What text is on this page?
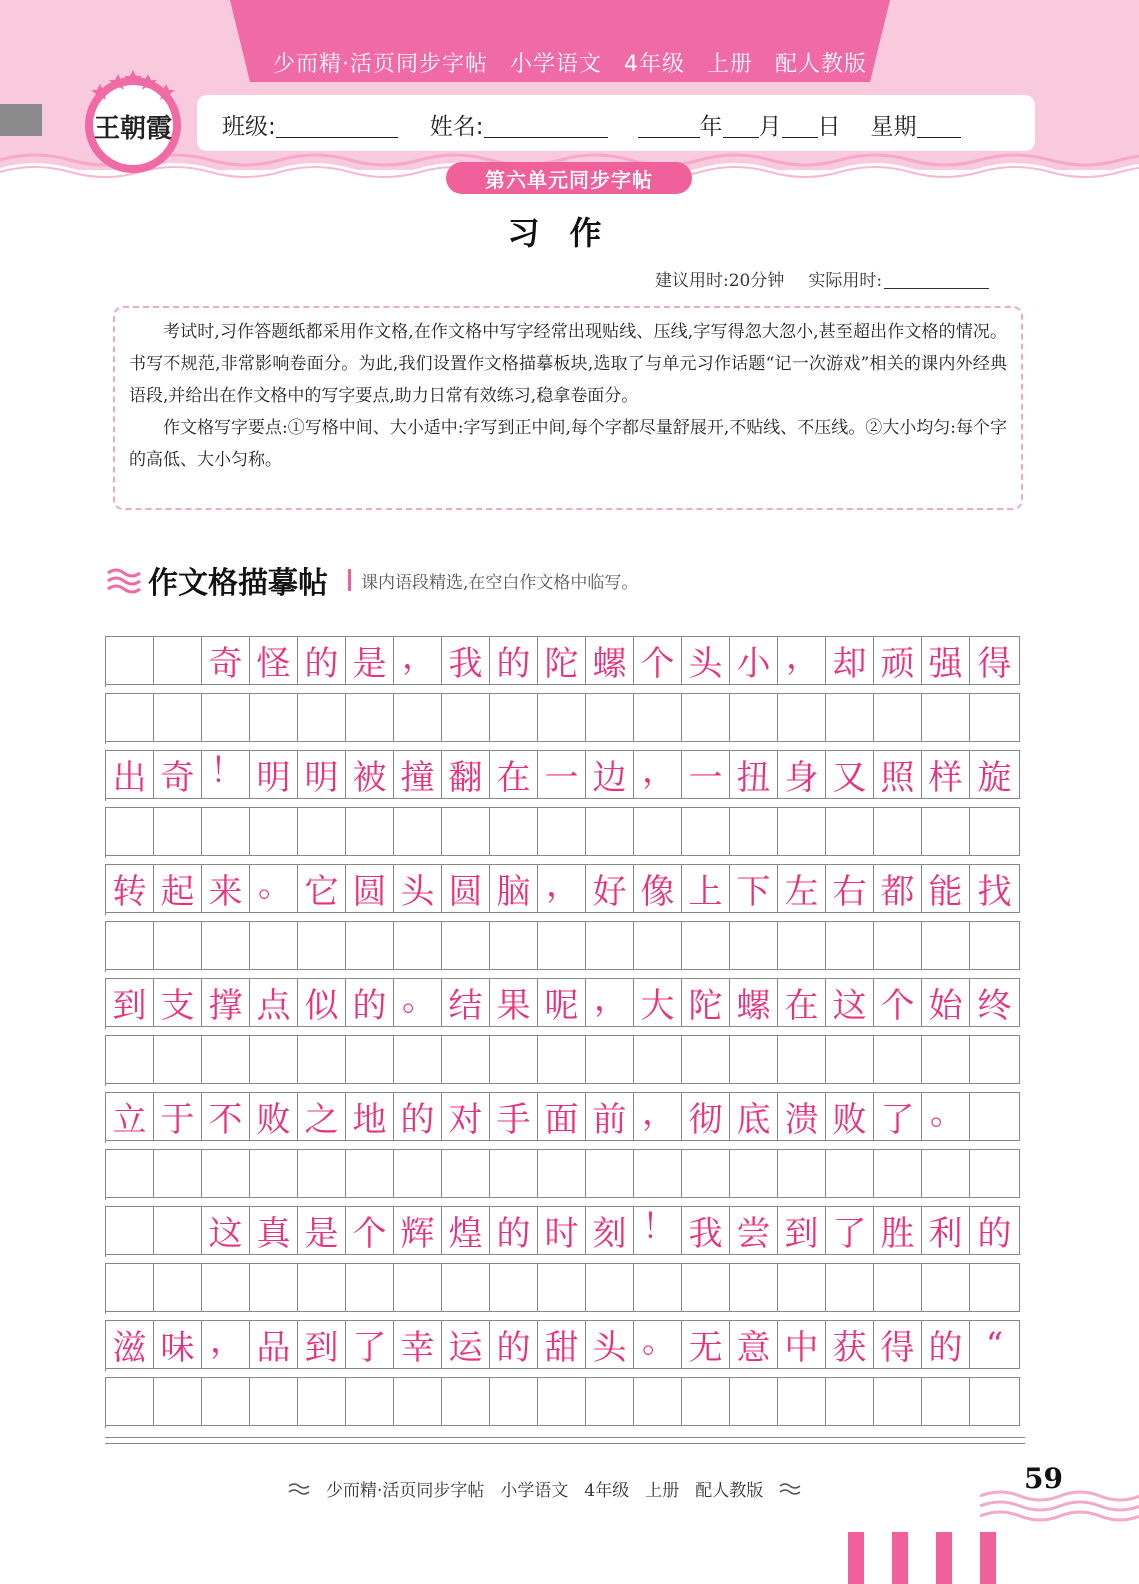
少而精·活页同步字帖 小学语文 4年级 上册 配人教版
王朝霞	班级:	姓名:	年 月 日 星期
第六单元同步字帖
习作
建议用时:20分钟 实际用时:

考试时,习作答题纸都采用作文格,在作文格中写字经常出现贴线、压线,字写得忽大忽小,甚至超出作文格的情况。书写不规范,非常影响卷面分。为此,我们设置作文格描摹板块,选取了与单元习作话题“记一次游戏”相关的课内外经典语段,并给出在作文格中的写字要点,助力日常有效练习,稳拿卷面分。

作文格写字要点:①写格中间、大小适中:字写到正中间,每个字都尽量舒展开,不贴线、不压线。②大小均匀:每个字的高低、大小匀称。

作文格描摹帖 课内语段精选,在空白作文格中临写。
奇 怪 的 是 ， 我 的 陀 螺 个 头 小 ， 却 顽 强 得
出 奇 ！ 明 明 被 撞 翻 在 一 边 ， 一 扭 身 又 照 样 旋
转 起 来 。 它 圆 头 圆 脑 ， 好 像 上 下 左 右 都 能 找
到 支 撑 点 似 的 。 结 果 呢 ， 大 陀 螺 在 这 个 始 终
立 于 不 败 之 地 的 对 手 面 前 ， 彻 底 溃 败 了 。
这 真 是 个 辉 煌 的 时 刻 ！ 我 尝 到 了 胜 利 的
滋 味 ， 品 到 了 幸 运 的 甜 头 。 无 意 中 获 得 的 “
少而精·活页同步字帖 小学语文 4年级 上册 配人教版	59
